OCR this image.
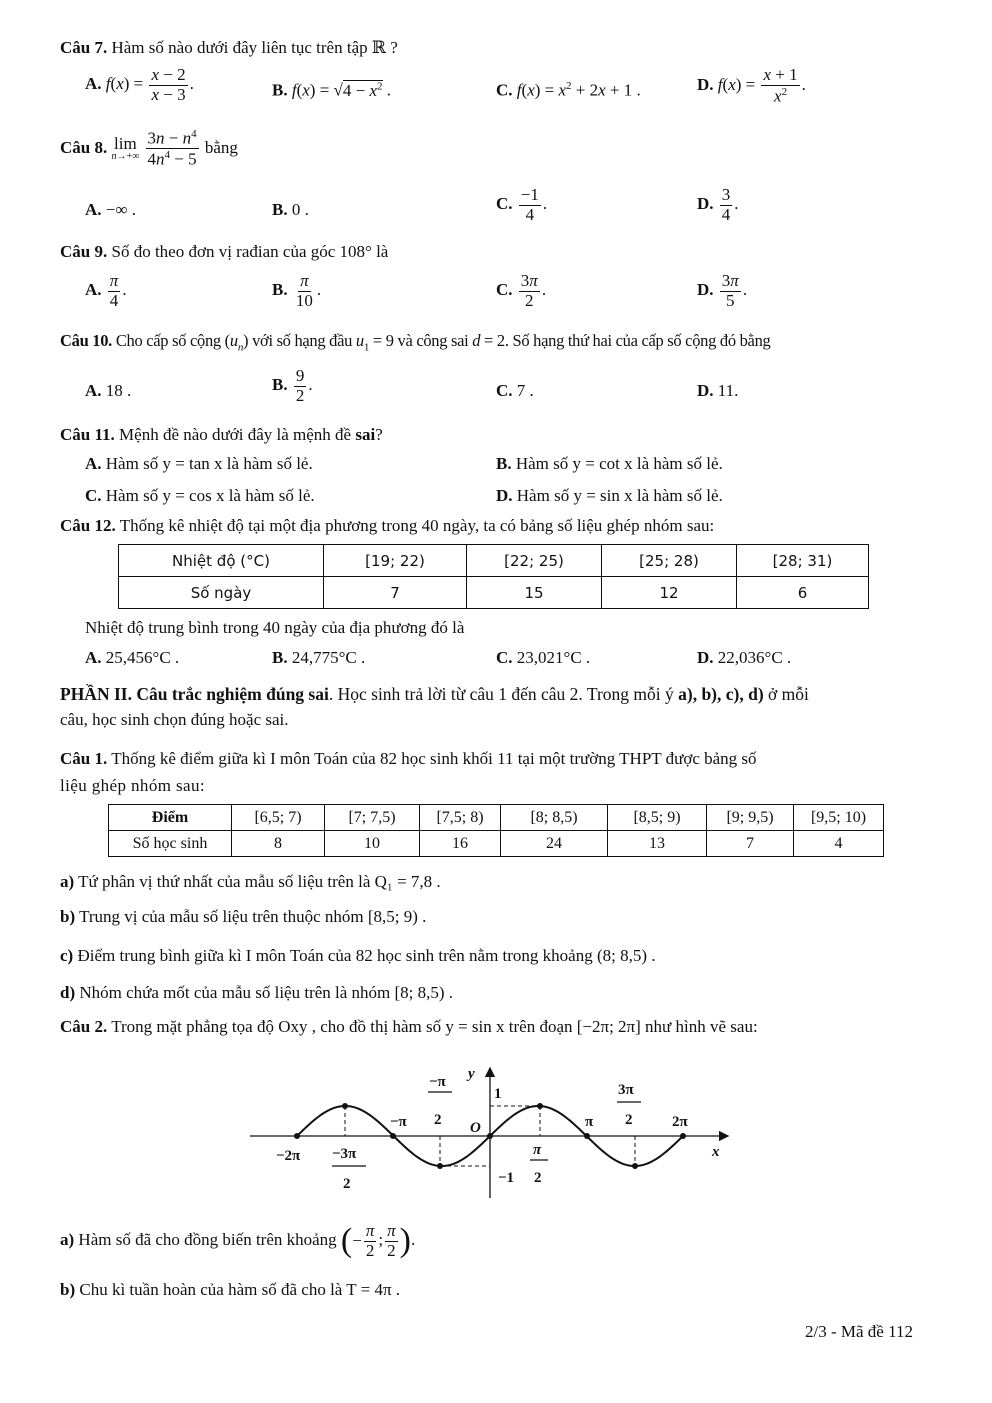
Câu 7. Hàm số nào dưới đây liên tục trên tập ℝ ?
A. $f(x) = \frac{x - 2}{x - 3}$ .	B. $f(x) = √4 - x^2$ .	C. $f(x) = x^2 + 2x + 1$ .	D. $f(x) = \frac{x + 1}{x^2}$ .
Câu 8. lim
n→+∞
$\frac{3n - n^4}{4n^4 - 5}$ bằng
A. −∞ .	B. 0 .	C. $\frac{-1}{4}$ .	D. $\frac{3}{4}$ .
Câu 9. Số đo theo đơn vị rađian của góc 108° là
A. $\frac{\pi}{4}$ .	B. $\frac{\pi}{10}$ .	C. $\frac{3\pi}{2}$ .	D. $\frac{3\pi}{5}$ .
Câu 10. Cho cấp số cộng $(u_n)$ với số hạng đầu $u_1 = 9$ và công sai d = 2. Số hạng thứ hai của cấp số cộng đó bằng
A. 18 .	B. $\frac{9}{2}$ .	C. 7 .	D. 11.
Câu 11. Mệnh đề nào dưới đây là mệnh đề sai?
A. Hàm số y = tan x là hàm số lẻ.	B. Hàm số y = cot x là hàm số lẻ.
C. Hàm số y = cos x là hàm số lẻ.	D. Hàm số y = sin x là hàm số lẻ.
Câu 12. Thống kê nhiệt độ tại một địa phương trong 40 ngày, ta có bảng số liệu ghép nhóm sau:
Nhiệt độ (°C)	[19; 22)	[22; 25)	[25; 28)	[28; 31)
Số ngày	7	15	12	6
Nhiệt độ trung bình trong 40 ngày của địa phương đó là
A. 25,456°C .	B. 24,775°C .	C. 23,021°C .	D. 22,036°C .
PHẦN II. Câu trắc nghiệm đúng sai. Học sinh trả lời từ câu 1 đến câu 2. Trong mỗi ý a), b), c), d) ở mỗi
câu, học sinh chọn đúng hoặc sai.
Câu 1. Thống kê điểm giữa kì I môn Toán của 82 học sinh khối 11 tại một trường THPT được bảng số
liệu ghép nhóm sau:
Điểm	[6,5; 7)	[7; 7,5)	[7,5; 8)	[8; 8,5)	[8,5; 9)	[9; 9,5)	[9,5; 10)
Số học sinh	8	10	16	24	13	7	4
a) Tứ phân vị thứ nhất của mẫu số liệu trên là Q₁ = 7,8 .
b) Trung vị của mẫu số liệu trên thuộc nhóm [8,5; 9) .
c) Điểm trung bình giữa kì I môn Toán của 82 học sinh trên nằm trong khoảng (8; 8,5) .
d) Nhóm chứa mốt của mẫu số liệu trên là nhóm [8; 8,5) .
Câu 2. Trong mặt phẳng tọa độ Oxy , cho đồ thị hàm số y = sin x trên đoạn [−2π; 2π] như hình vẽ sau:
y
x
O
1
−1
−2π
−π	π	2π
−π
2
−3π
2
π
2
3π
2
a) Hàm số đã cho đồng biến trên khoảng (− $\frac{\pi}{2}$ ; $\frac{\pi}{2}$ ).
b) Chu kì tuần hoàn của hàm số đã cho là T = 4π .
2/3 - Mã đề 112
